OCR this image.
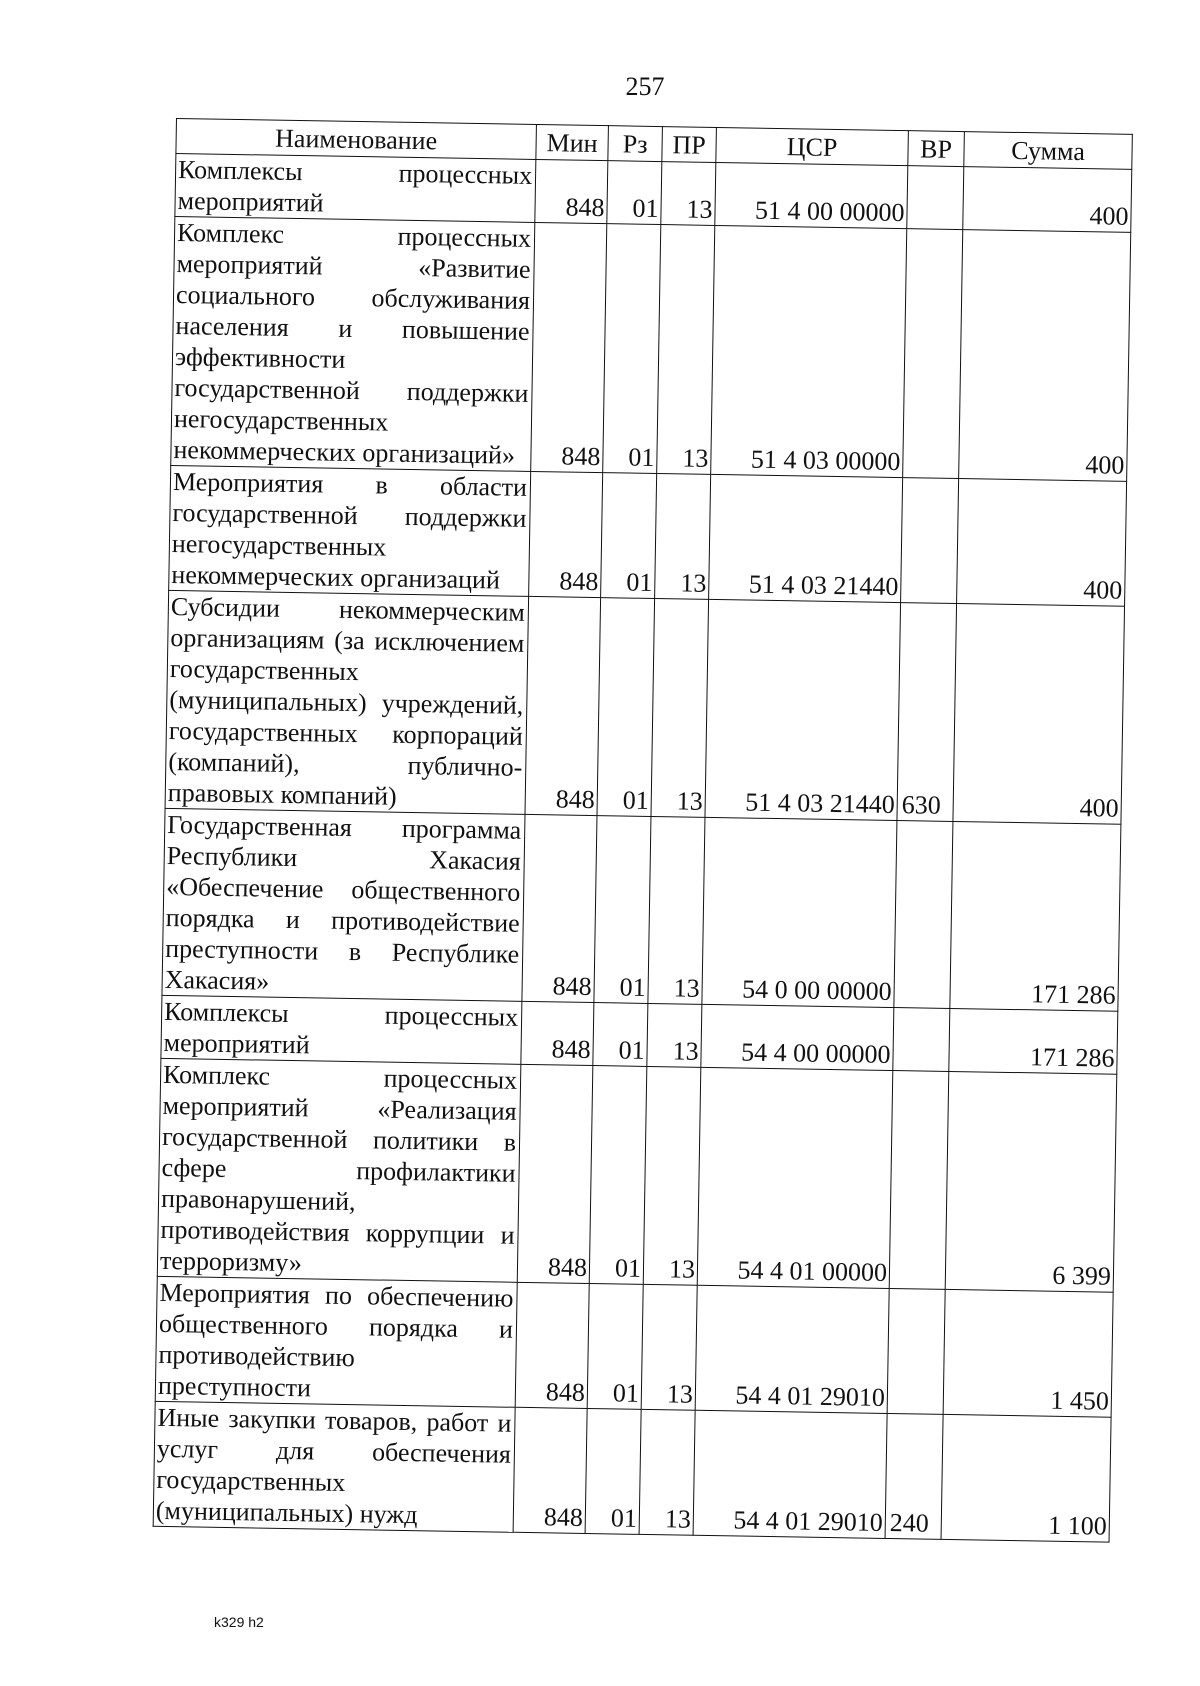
257
Наименование	Мин	Рз	ПР	ЦСР	ВР	Сумма
Комплексы процессных мероприятий	848	01	13	51 4 00 00000		400
Комплекс процессных мероприятий «Развитие социального обслуживания населения и повышение эффективности государственной поддержки негосударственных некоммерческих организаций»	848	01	13	51 4 03 00000		400
Мероприятия в области государственной поддержки негосударственных некоммерческих организаций	848	01	13	51 4 03 21440		400
Субсидии некоммерческим организациям (за исключением государственных (муниципальных) учреждений, государственных корпораций (компаний), публично-правовых компаний)	848	01	13	51 4 03 21440	630	400
Государственная программа Республики Хакасия «Обеспечение общественного порядка и противодействие преступности в Республике Хакасия»	848	01	13	54 0 00 00000		171 286
Комплексы процессных мероприятий	848	01	13	54 4 00 00000		171 286
Комплекс процессных мероприятий «Реализация государственной политики в сфере профилактики правонарушений, противодействия коррупции и терроризму»	848	01	13	54 4 01 00000		6 399
Мероприятия по обеспечению общественного порядка и противодействию преступности	848	01	13	54 4 01 29010		1 450
Иные закупки товаров, работ и услуг для обеспечения государственных (муниципальных) нужд	848	01	13	54 4 01 29010	240	1 100
k329 h2
